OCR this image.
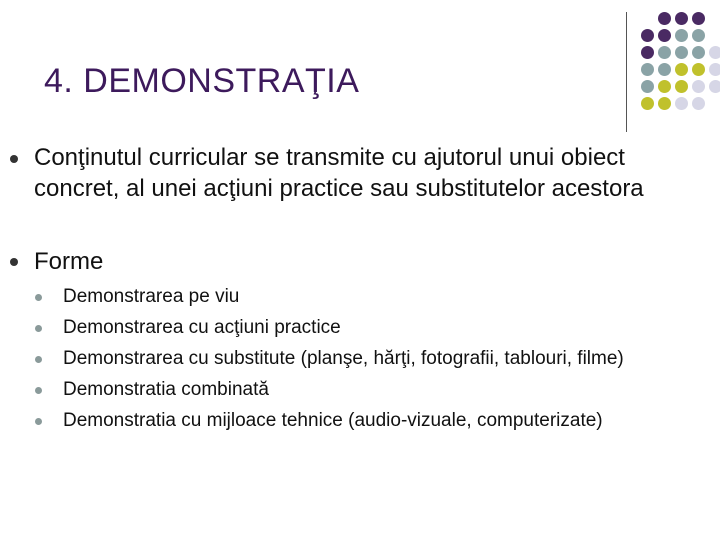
4. DEMONSTRAŢIA
Conţinutul curricular se transmite cu ajutorul unui obiect
concret, al unei acţiuni practice sau substitutelor acestora
Forme
Demonstrarea pe viu
Demonstrarea cu acţiuni practice
Demonstrarea cu substitute (planşe, hărţi, fotografii, tablouri, filme)
Demonstratia combinată
Demonstratia cu mijloace tehnice (audio-vizuale, computerizate)
